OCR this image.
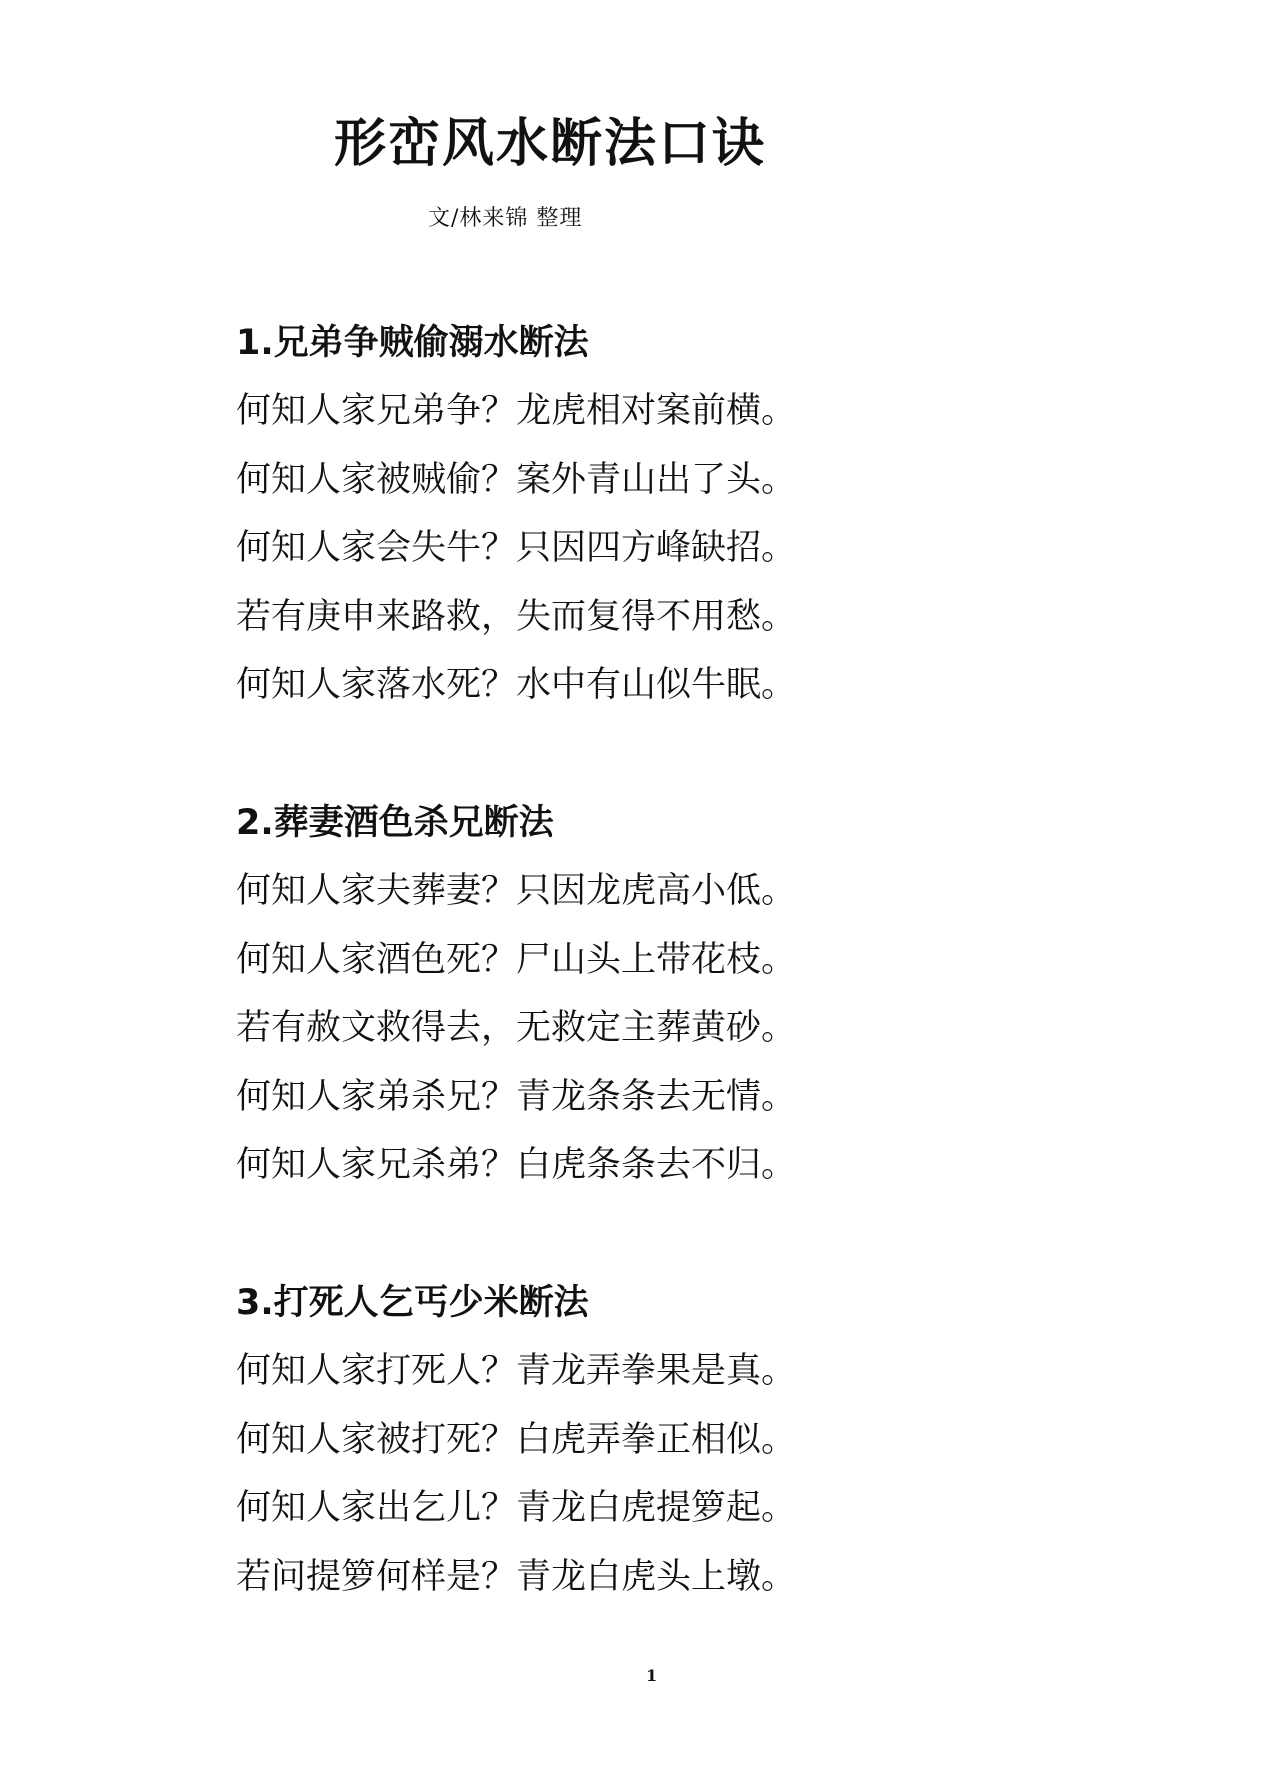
形峦风水断法口诀
文/林来锦 整理
1.兄弟争贼偷溺水断法

何知人家兄弟争？龙虎相对案前横。

何知人家被贼偷？案外青山出了头。

何知人家会失牛？只因四方峰缺招。

若有庚申来路救，失而复得不用愁。

何知人家落水死？水中有山似牛眠。

2.葬妻酒色杀兄断法

何知人家夫葬妻？只因龙虎高小低。

何知人家酒色死？尸山头上带花枝。

若有赦文救得去，无救定主葬黄砂。

何知人家弟杀兄？青龙条条去无情。

何知人家兄杀弟？白虎条条去不归。

3.打死人乞丐少米断法

何知人家打死人？青龙弄拳果是真。

何知人家被打死？白虎弄拳正相似。

何知人家出乞儿？青龙白虎提箩起。

若问提箩何样是？青龙白虎头上墩。

1
